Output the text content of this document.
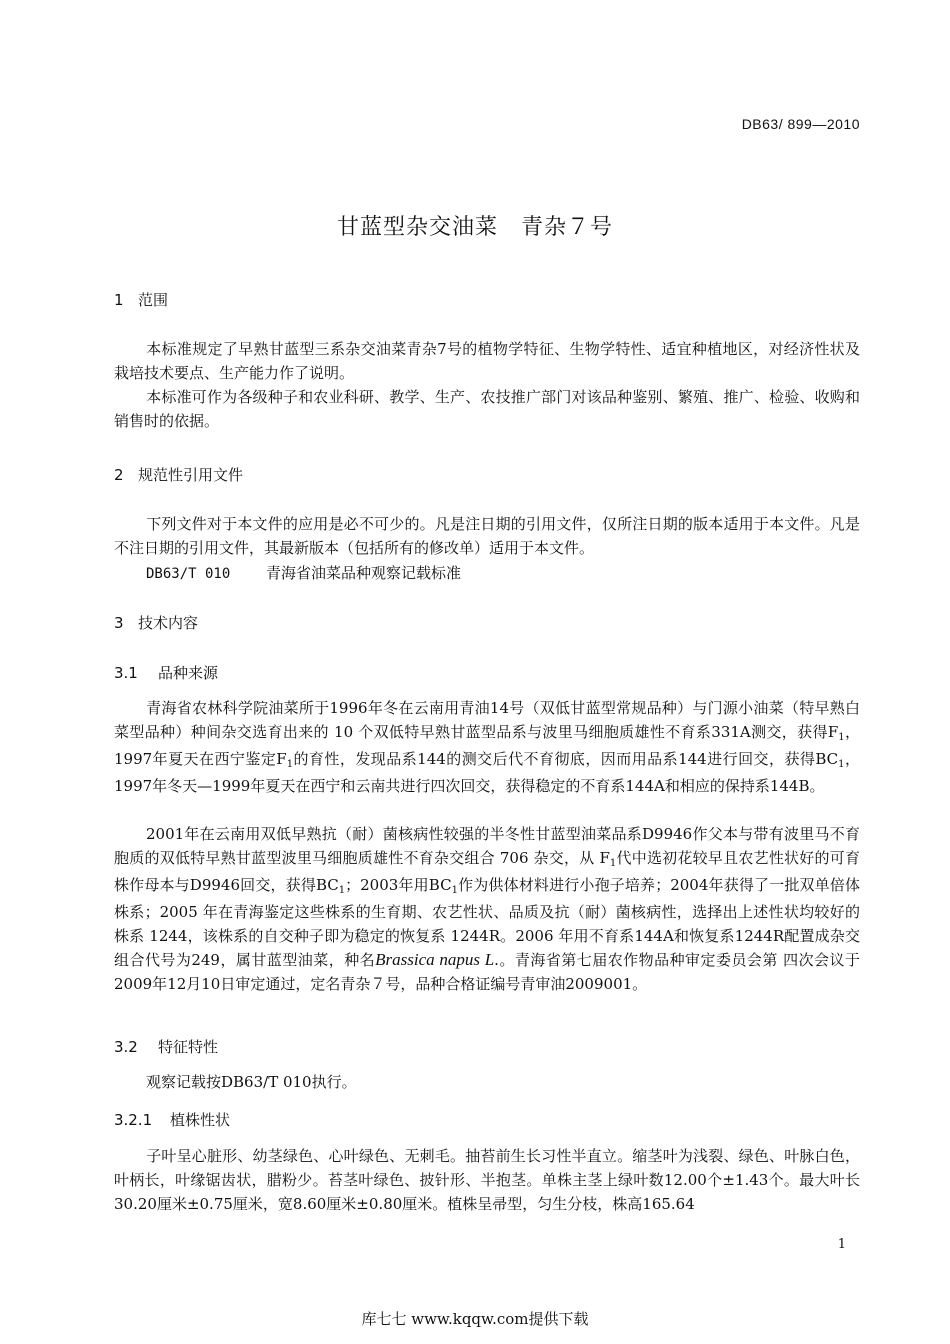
DB63/ 899—2010
甘蓝型杂交油菜　青杂７号
1 范围
本标准规定了早熟甘蓝型三系杂交油菜青杂7号的植物学特征、生物学特性、适宜种植地区，对经济性状及栽培技术要点、生产能力作了说明。
本标准可作为各级种子和农业科研、教学、生产、农技推广部门对该品种鉴别、繁殖、推广、检验、收购和销售时的依据。
2 规范性引用文件
下列文件对于本文件的应用是必不可少的。凡是注日期的引用文件，仅所注日期的版本适用于本文件。凡是不注日期的引用文件，其最新版本（包括所有的修改单）适用于本文件。
DB63/T 010 青海省油菜品种观察记载标准
3 技术内容
3.1 品种来源
青海省农林科学院油菜所于1996年冬在云南用青油14号（双低甘蓝型常规品种）与门源小油菜（特早熟白菜型品种）种间杂交选育出来的 10 个双低特早熟甘蓝型品系与波里马细胞质雄性不育系331A测交，获得$F_1$，1997年夏天在西宁鉴定$F_1$的育性，发现品系144的测交后代不育彻底，因而用品系144进行回交，获得$BC_1$，1997年冬天—1999年夏天在西宁和云南共进行四次回交，获得稳定的不育系144A和相应的保持系144B。
2001年在云南用双低早熟抗（耐）菌核病性较强的半冬性甘蓝型油菜品系D9946作父本与带有波里马不育胞质的双低特早熟甘蓝型波里马细胞质雄性不育杂交组合 706 杂交，从 $F_1$代中选初花较早且农艺性状好的可育株作母本与D9946回交，获得$BC_1$；2003年用$BC_1$作为供体材料进行小孢子培养；2004年获得了一批双单倍体株系；2005 年在青海鉴定这些株系的生育期、农艺性状、品质及抗（耐）菌核病性，选择出上述性状均较好的株系 1244，该株系的自交种子即为稳定的恢复系 1244R。2006 年用不育系144A和恢复系1244R配置成杂交组合代号为249，属甘蓝型油菜，种名Brassica napus L.。青海省第七届农作物品种审定委员会第 四次会议于2009年12月10日审定通过，定名青杂７号，品种合格证编号青审油2009001。
3.2 特征特性
观察记载按DB63/T 010执行。
3.2.1 植株性状
子叶呈心脏形、幼茎绿色、心叶绿色、无刺毛。抽苔前生长习性半直立。缩茎叶为浅裂、绿色、叶脉白色，叶柄长，叶缘锯齿状，腊粉少。苔茎叶绿色、披针形、半抱茎。单株主茎上绿叶数12.00个±1.43个。最大叶长30.20厘米±0.75厘米，宽8.60厘米±0.80厘米。植株呈帚型，匀生分枝，株高165.64
1
库七七 www.kqqw.com提供下载
